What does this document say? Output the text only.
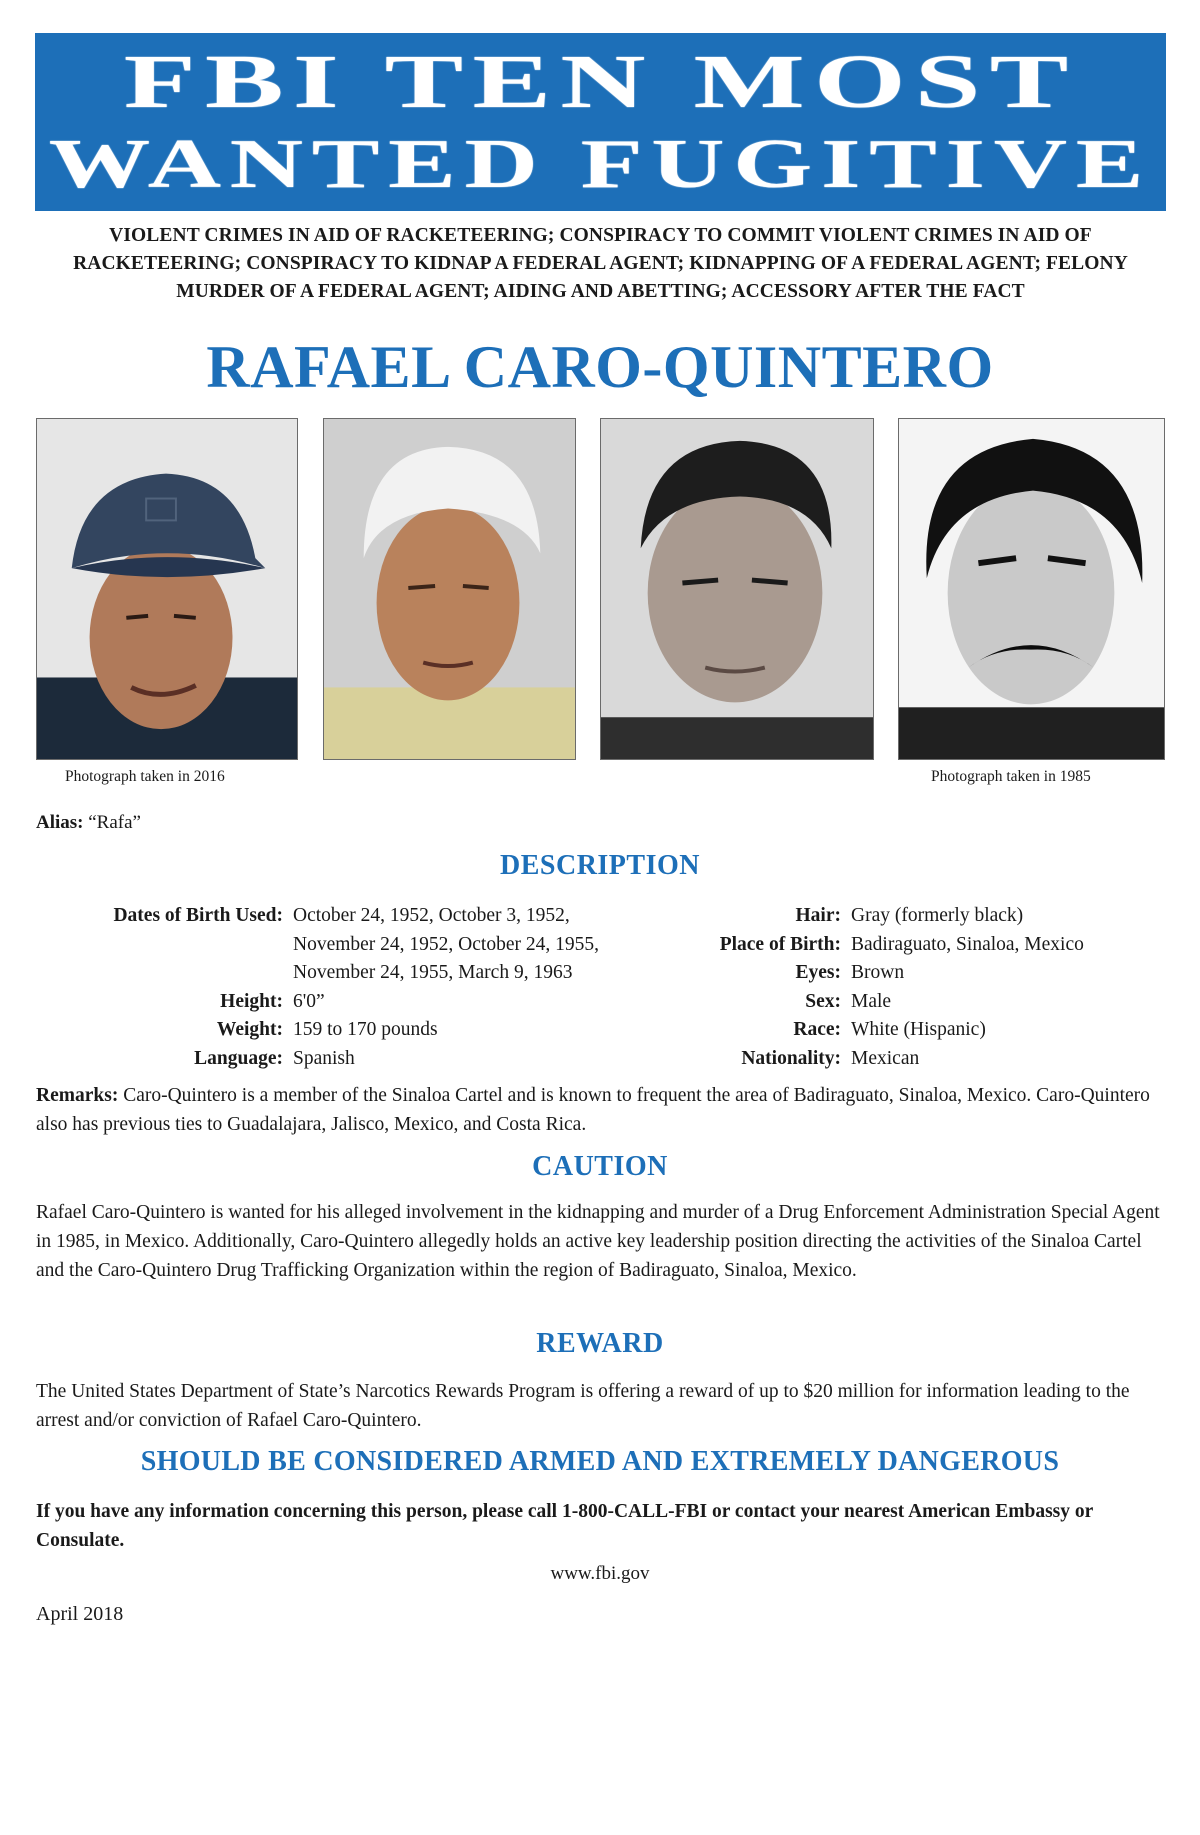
FBI TEN MOST
WANTED FUGITIVE
VIOLENT CRIMES IN AID OF RACKETEERING; CONSPIRACY TO COMMIT VIOLENT CRIMES IN AID OF RACKETEERING; CONSPIRACY TO KIDNAP A FEDERAL AGENT; KIDNAPPING OF A FEDERAL AGENT; FELONY MURDER OF A FEDERAL AGENT; AIDING AND ABETTING; ACCESSORY AFTER THE FACT
RAFAEL CARO-QUINTERO
Photograph taken in 2016	Photograph taken in 1985
Alias: “Rafa”
DESCRIPTION
Dates of Birth Used: October 24, 1952, October 3, 1952,
November 24, 1952, October 24, 1955,
November 24, 1955, March 9, 1963
Height: 6'0”
Weight: 159 to 170 pounds
Language: Spanish
Hair: Gray (formerly black)
Place of Birth: Badiraguato, Sinaloa, Mexico
Eyes: Brown
Sex: Male
Race: White (Hispanic)
Nationality: Mexican
Remarks: Caro-Quintero is a member of the Sinaloa Cartel and is known to frequent the area of Badiraguato, Sinaloa, Mexico. Caro-Quintero also has previous ties to Guadalajara, Jalisco, Mexico, and Costa Rica.
CAUTION
Rafael Caro-Quintero is wanted for his alleged involvement in the kidnapping and murder of a Drug Enforcement Administration Special Agent in 1985, in Mexico. Additionally, Caro-Quintero allegedly holds an active key leadership position directing the activities of the Sinaloa Cartel and the Caro-Quintero Drug Trafficking Organization within the region of Badiraguato, Sinaloa, Mexico.
REWARD
The United States Department of State’s Narcotics Rewards Program is offering a reward of up to $20 million for information leading to the arrest and/or conviction of Rafael Caro-Quintero.
SHOULD BE CONSIDERED ARMED AND EXTREMELY DANGEROUS
If you have any information concerning this person, please call 1-800-CALL-FBI or contact your nearest American Embassy or Consulate.
www.fbi.gov
April 2018
